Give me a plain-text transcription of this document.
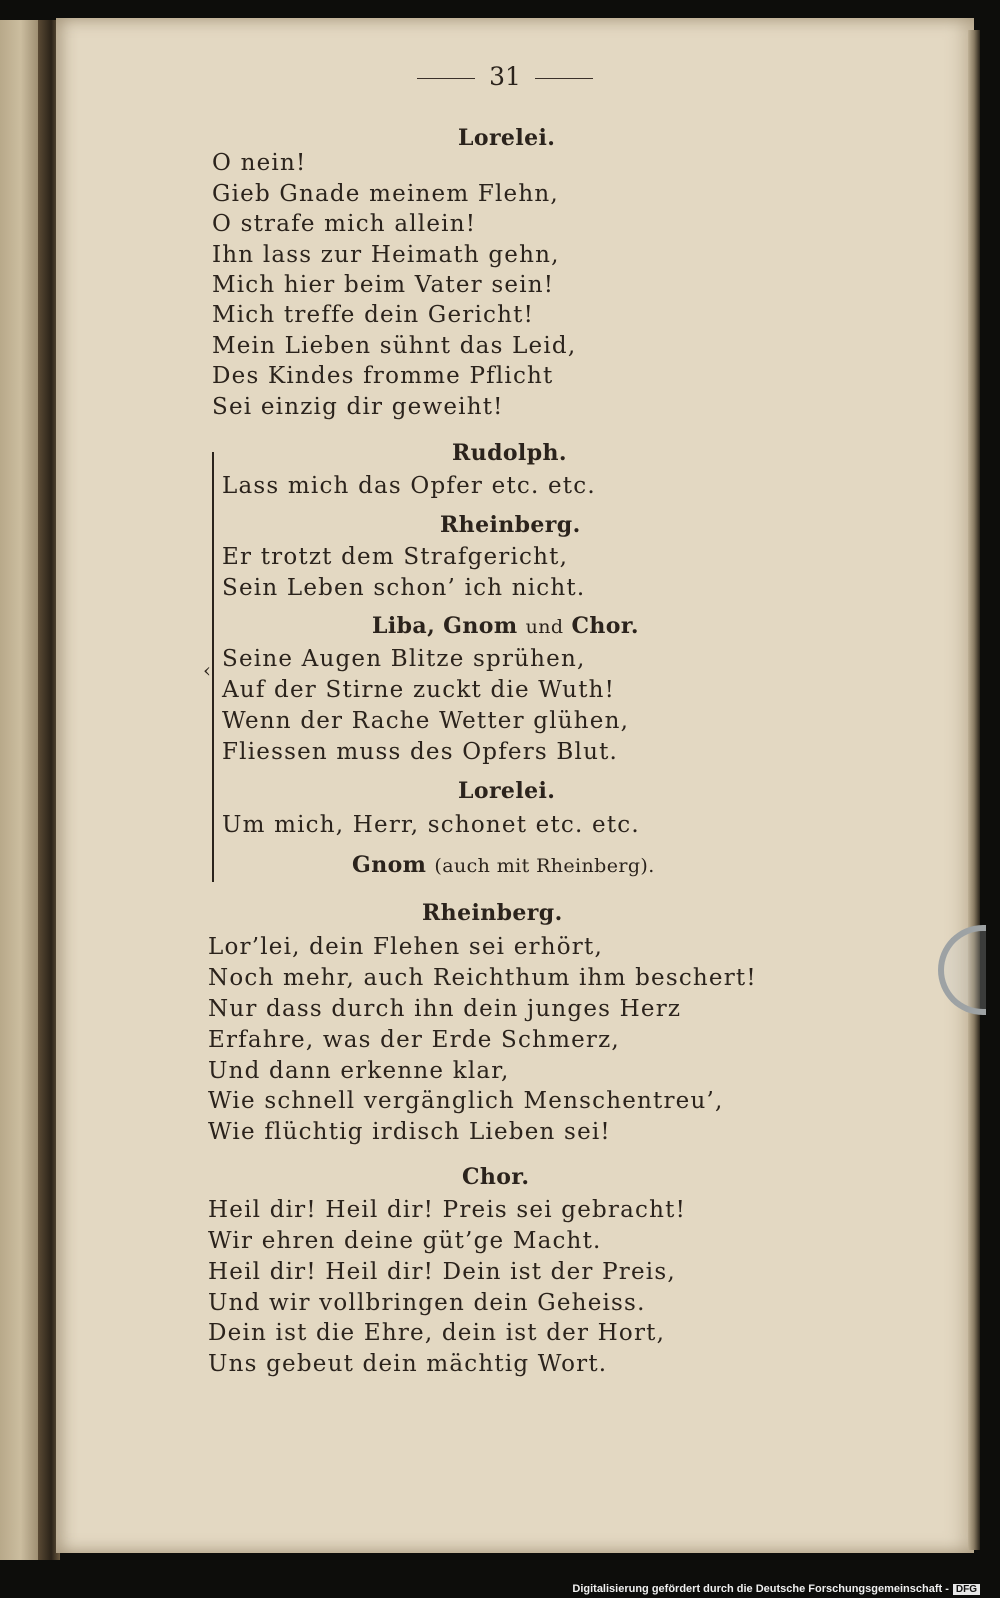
31
Lorelei.
O nein!
Gieb Gnade meinem Flehn,
O strafe mich allein!
Ihn lass zur Heimath gehn,
Mich hier beim Vater sein!
Mich treffe dein Gericht!
Mein Lieben sühnt das Leid,
Des Kindes fromme Pflicht
Sei einzig dir geweiht!
‹
Rudolph.
Lass mich das Opfer etc. etc.
Rheinberg.
Er trotzt dem Strafgericht,
Sein Leben schon’ ich nicht.
Liba, Gnom und Chor.
Seine Augen Blitze sprühen,
Auf der Stirne zuckt die Wuth!
Wenn der Rache Wetter glühen,
Fliessen muss des Opfers Blut.
Lorelei.
Um mich, Herr, schonet etc. etc.
Gnom (auch mit Rheinberg).
Rheinberg.
Lor’lei, dein Flehen sei erhört,
Noch mehr, auch Reichthum ihm beschert!
Nur dass durch ihn dein junges Herz
Erfahre, was der Erde Schmerz,
Und dann erkenne klar,
Wie schnell vergänglich Menschentreu’,
Wie flüchtig irdisch Lieben sei!
Chor.
Heil dir! Heil dir! Preis sei gebracht!
Wir ehren deine güt’ge Macht.
Heil dir! Heil dir! Dein ist der Preis,
Und wir vollbringen dein Geheiss.
Dein ist die Ehre, dein ist der Hort,
Uns gebeut dein mächtig Wort.
Digitalisierung gefördert durch die Deutsche Forschungsgemeinschaft - DFG
